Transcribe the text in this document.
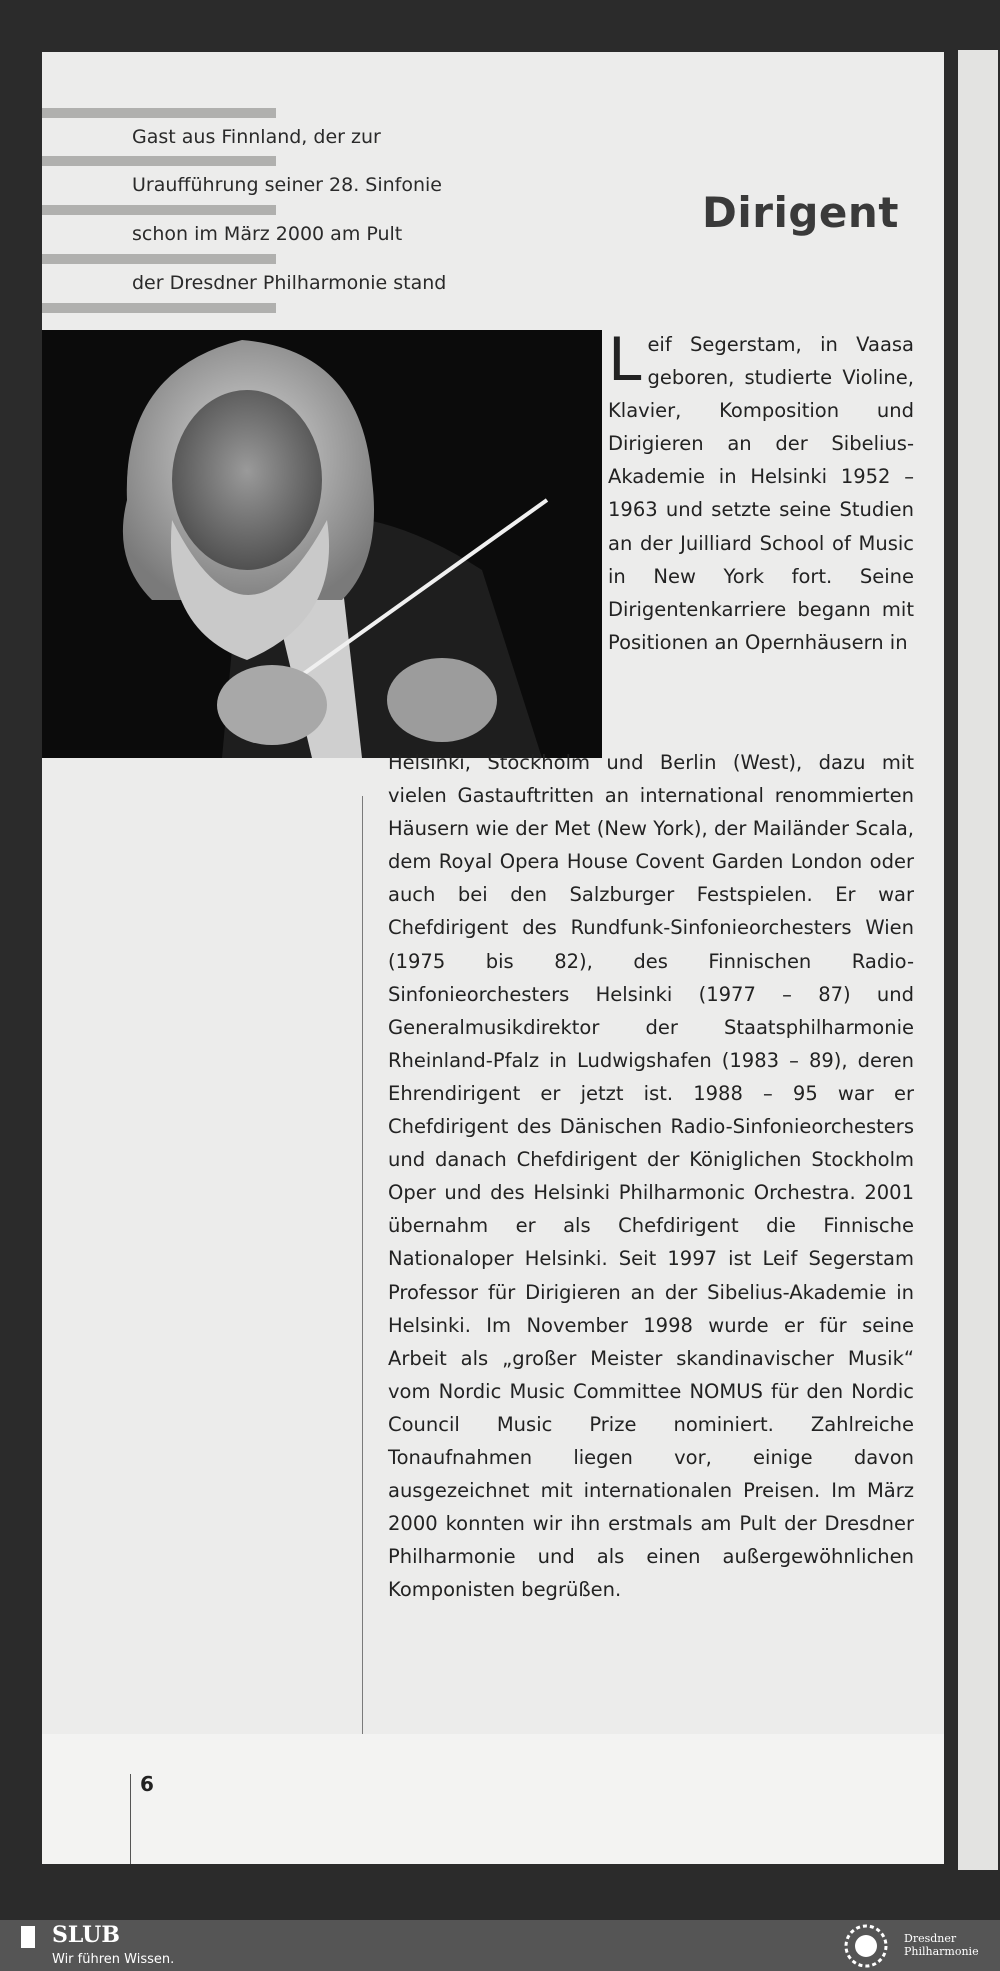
Gast aus Finnland, der zur
Uraufführung seiner 28. Sinfonie
schon im März 2000 am Pult
der Dresdner Philharmonie stand
Dirigent
L eif Segerstam, in Vaasa geboren, studierte Violine, Klavier, Komposition und Dirigieren an der Sibelius-Akademie in Helsinki 1952 – 1963 und setzte seine Studien an der Juilliard School of Music in New York fort. Seine Dirigentenkarriere begann mit Positionen an Opernhäusern in
Helsinki, Stockholm und Berlin (West), dazu mit vielen Gastauftritten an international renommierten Häusern wie der Met (New York), der Mailänder Scala, dem Royal Opera House Covent Garden London oder auch bei den Salzburger Festspielen. Er war Chefdirigent des Rundfunk-Sinfonieorchesters Wien (1975 bis 82), des Finnischen Radio-Sinfonieorchesters Helsinki (1977 – 87) und Generalmusikdirektor der Staatsphilharmonie Rheinland-Pfalz in Ludwigshafen (1983 – 89), deren Ehrendirigent er jetzt ist. 1988 – 95 war er Chefdirigent des Dänischen Radio-Sinfonieorchesters und danach Chefdirigent der Königlichen Stockholm Oper und des Helsinki Philharmonic Orchestra. 2001 übernahm er als Chefdirigent die Finnische Nationaloper Helsinki. Seit 1997 ist Leif Segerstam Professor für Dirigieren an der Sibelius-Akademie in Helsinki. Im November 1998 wurde er für seine Arbeit als „großer Meister skandinavischer Musik“ vom Nordic Music Committee NOMUS für den Nordic Council Music Prize nominiert. Zahlreiche Tonaufnahmen liegen vor, einige davon ausgezeichnet mit internationalen Preisen. Im März 2000 konnten wir ihn erstmals am Pult der Dresdner Philharmonie und als einen außergewöhnlichen Komponisten begrüßen.
6
SLUB
Wir führen Wissen.
Dresdner
Philharmonie
